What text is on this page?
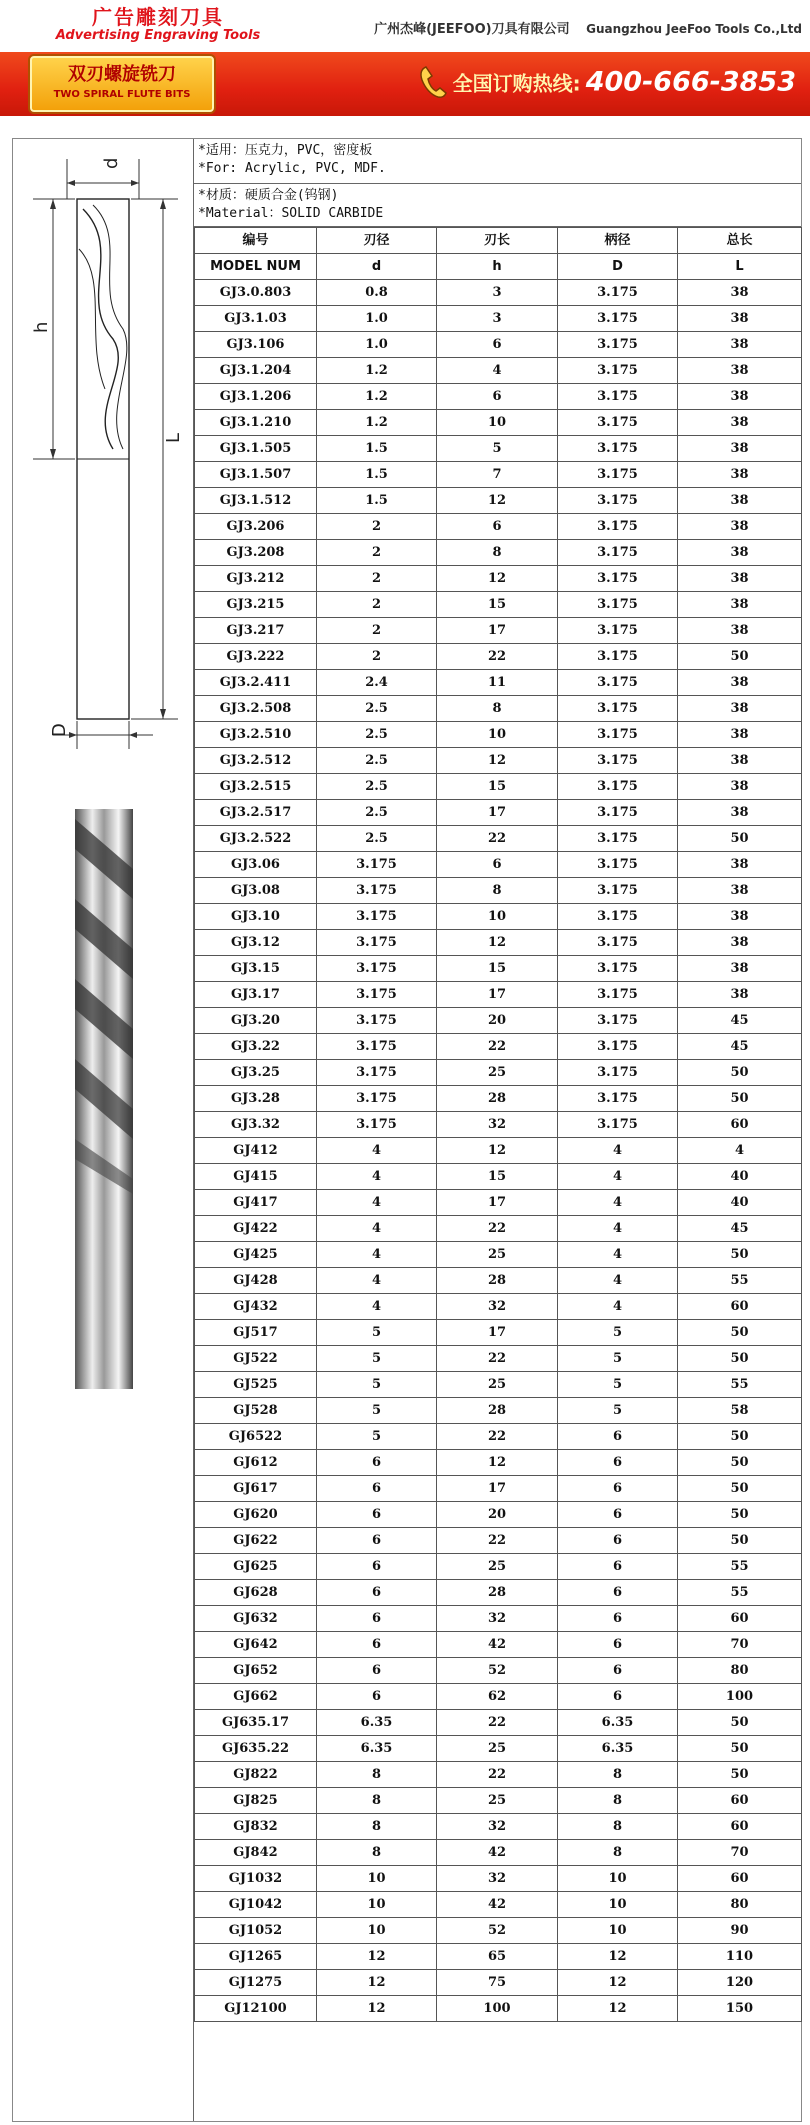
广告雕刻刀具
Advertising Engraving Tools	广州杰峰(JEEFOO)刀具有限公司 Guangzhou JeeFoo Tools Co.,Ltd
双刃螺旋铣刀
TWO SPIRAL FLUTE BITS	全国订购热线: 400-666-3853
d
h
L
D
*适用：压克力，PVC，密度板
*For: Acrylic, PVC, MDF.
*材质：硬质合金(钨钢)
*Material：SOLID CARBIDE
编号	刃径	刃长	柄径	总长
MODEL NUM	d	h	D	L
GJ3.0.803	0.8	3	3.175	38
GJ3.1.03	1.0	3	3.175	38
GJ3.106	1.0	6	3.175	38
GJ3.1.204	1.2	4	3.175	38
GJ3.1.206	1.2	6	3.175	38
GJ3.1.210	1.2	10	3.175	38
GJ3.1.505	1.5	5	3.175	38
GJ3.1.507	1.5	7	3.175	38
GJ3.1.512	1.5	12	3.175	38
GJ3.206	2	6	3.175	38
GJ3.208	2	8	3.175	38
GJ3.212	2	12	3.175	38
GJ3.215	2	15	3.175	38
GJ3.217	2	17	3.175	38
GJ3.222	2	22	3.175	50
GJ3.2.411	2.4	11	3.175	38
GJ3.2.508	2.5	8	3.175	38
GJ3.2.510	2.5	10	3.175	38
GJ3.2.512	2.5	12	3.175	38
GJ3.2.515	2.5	15	3.175	38
GJ3.2.517	2.5	17	3.175	38
GJ3.2.522	2.5	22	3.175	50
GJ3.06	3.175	6	3.175	38
GJ3.08	3.175	8	3.175	38
GJ3.10	3.175	10	3.175	38
GJ3.12	3.175	12	3.175	38
GJ3.15	3.175	15	3.175	38
GJ3.17	3.175	17	3.175	38
GJ3.20	3.175	20	3.175	45
GJ3.22	3.175	22	3.175	45
GJ3.25	3.175	25	3.175	50
GJ3.28	3.175	28	3.175	50
GJ3.32	3.175	32	3.175	60
GJ412	4	12	4	4
GJ415	4	15	4	40
GJ417	4	17	4	40
GJ422	4	22	4	45
GJ425	4	25	4	50
GJ428	4	28	4	55
GJ432	4	32	4	60
GJ517	5	17	5	50
GJ522	5	22	5	50
GJ525	5	25	5	55
GJ528	5	28	5	58
GJ6522	5	22	6	50
GJ612	6	12	6	50
GJ617	6	17	6	50
GJ620	6	20	6	50
GJ622	6	22	6	50
GJ625	6	25	6	55
GJ628	6	28	6	55
GJ632	6	32	6	60
GJ642	6	42	6	70
GJ652	6	52	6	80
GJ662	6	62	6	100
GJ635.17	6.35	22	6.35	50
GJ635.22	6.35	25	6.35	50
GJ822	8	22	8	50
GJ825	8	25	8	60
GJ832	8	32	8	60
GJ842	8	42	8	70
GJ1032	10	32	10	60
GJ1042	10	42	10	80
GJ1052	10	52	10	90
GJ1265	12	65	12	110
GJ1275	12	75	12	120
GJ12100	12	100	12	150
